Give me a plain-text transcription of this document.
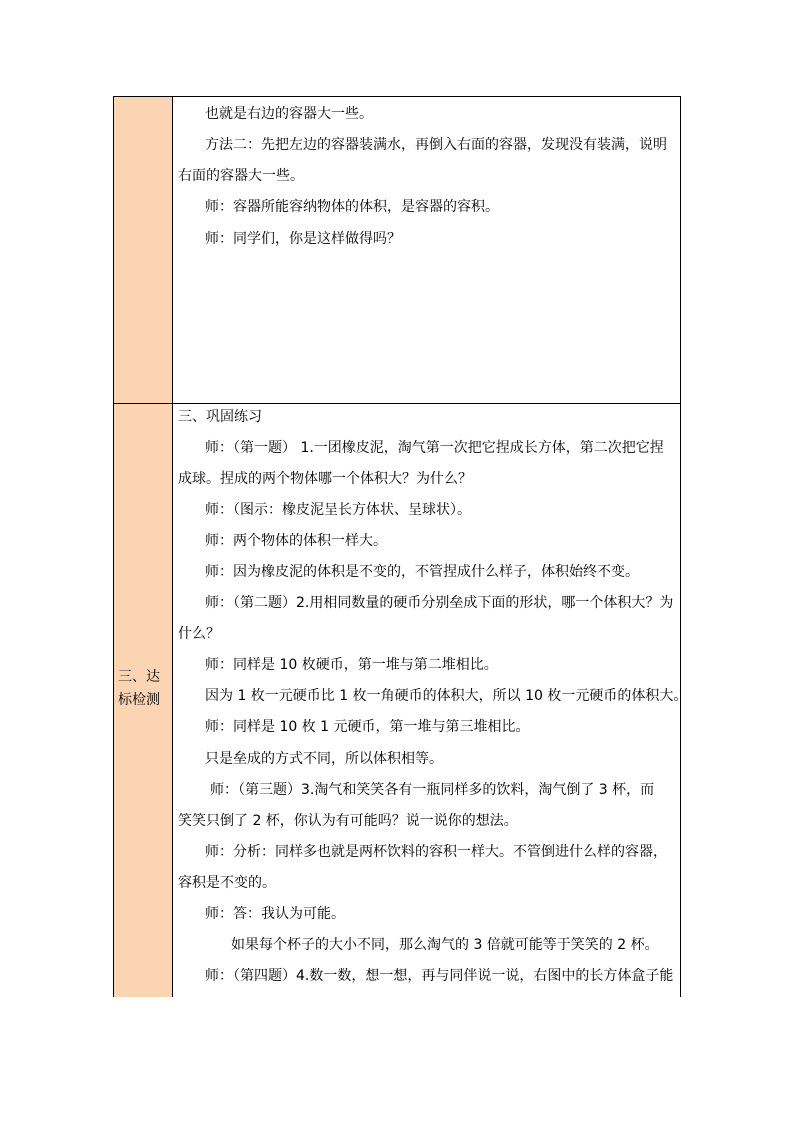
也就是右边的容器大一些。
方法二：先把左边的容器装满水，再倒入右面的容器，发现没有装满，说明
右面的容器大一些。
师：容器所能容纳物体的体积，是容器的容积。
师：同学们，你是这样做得吗？
三、达标检测
三、巩固练习
师：（第一题） 1.一团橡皮泥，淘气第一次把它捏成长方体，第二次把它捏
成球。捏成的两个物体哪一个体积大？为什么？
师：（图示：橡皮泥呈长方体状、呈球状）。
师：两个物体的体积一样大。
师：因为橡皮泥的体积是不变的，不管捏成什么样子，体积始终不变。
师：（第二题）2.用相同数量的硬币分别垒成下面的形状，哪一个体积大？为
什么？
师：同样是 10 枚硬币，第一堆与第二堆相比。
因为 1 枚一元硬币比 1 枚一角硬币的体积大，所以 10 枚一元硬币的体积大。
师：同样是 10 枚 1 元硬币，第一堆与第三堆相比。
只是垒成的方式不同，所以体积相等。
师：（第三题）3.淘气和笑笑各有一瓶同样多的饮料，淘气倒了 3 杯，而
笑笑只倒了 2 杯，你认为有可能吗？说一说你的想法。
师：分析：同样多也就是两杯饮料的容积一样大。不管倒进什么样的容器，
容积是不变的。
师：答：我认为可能。
如果每个杯子的大小不同，那么淘气的 3 倍就可能等于笑笑的 2 杯。
师：（第四题）4.数一数，想一想，再与同伴说一说，右图中的长方体盒子能
